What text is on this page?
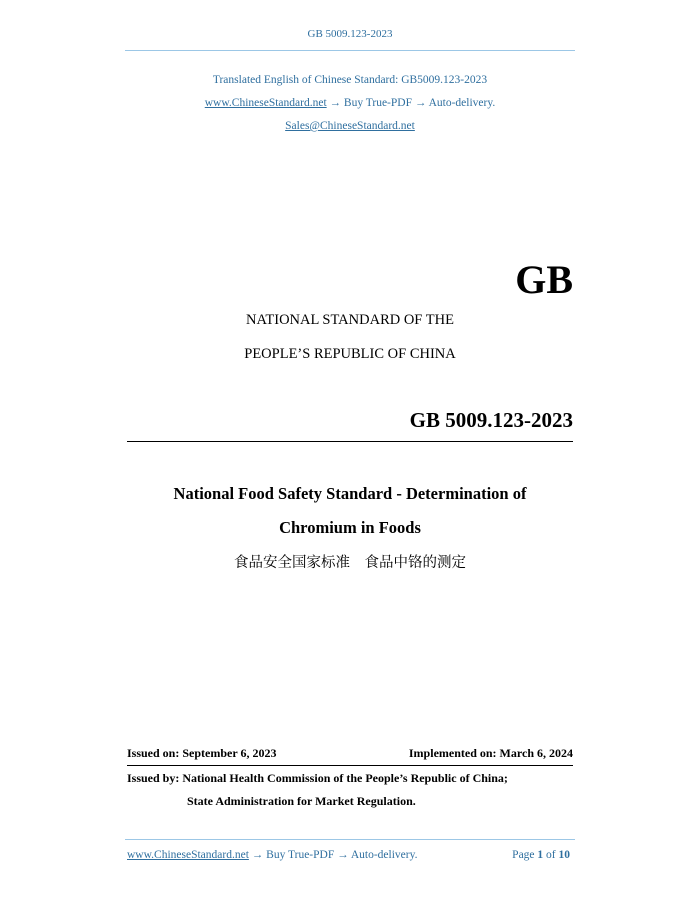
GB 5009.123-2023
Translated English of Chinese Standard: GB5009.123-2023
www.ChineseStandard.net → Buy True-PDF → Auto-delivery.
Sales@ChineseStandard.net
GB
NATIONAL STANDARD OF THE
PEOPLE’S REPUBLIC OF CHINA
GB 5009.123-2023
National Food Safety Standard - Determination of
Chromium in Foods
食品安全国家标准　食品中铬的测定
Issued on: September 6, 2023	Implemented on: March 6, 2024
Issued by: National Health Commission of the People’s Republic of China;
State Administration for Market Regulation.
www.ChineseStandard.net → Buy True-PDF → Auto-delivery.	Page 1 of 10
